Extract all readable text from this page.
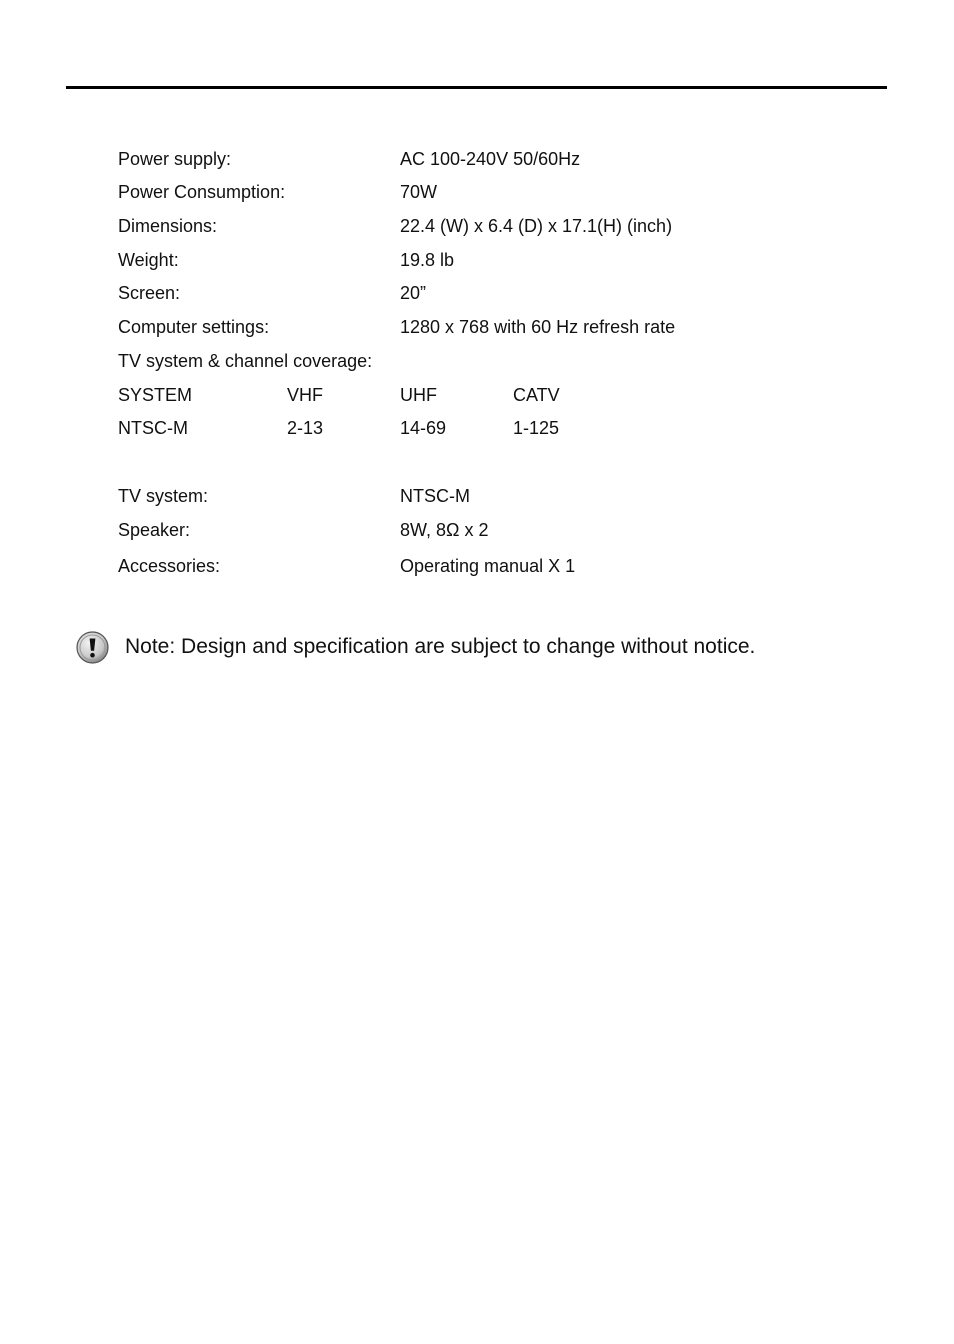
Power supply:	AC 100-240V 50/60Hz
Power Consumption:	70W
Dimensions:	22.4 (W) x 6.4 (D) x 17.1(H) (inch)
Weight:	19.8 lb
Screen:	20”
Computer settings:	1280 x 768 with 60 Hz refresh rate
TV system & channel coverage:
SYSTEM	VHF	UHF	CATV
NTSC-M	2-13	14-69	1-125
TV system:	NTSC-M
Speaker:	8W, 8Ω x 2
Accessories:	Operating manual X 1
Note: Design and specification are subject to change without notice.
